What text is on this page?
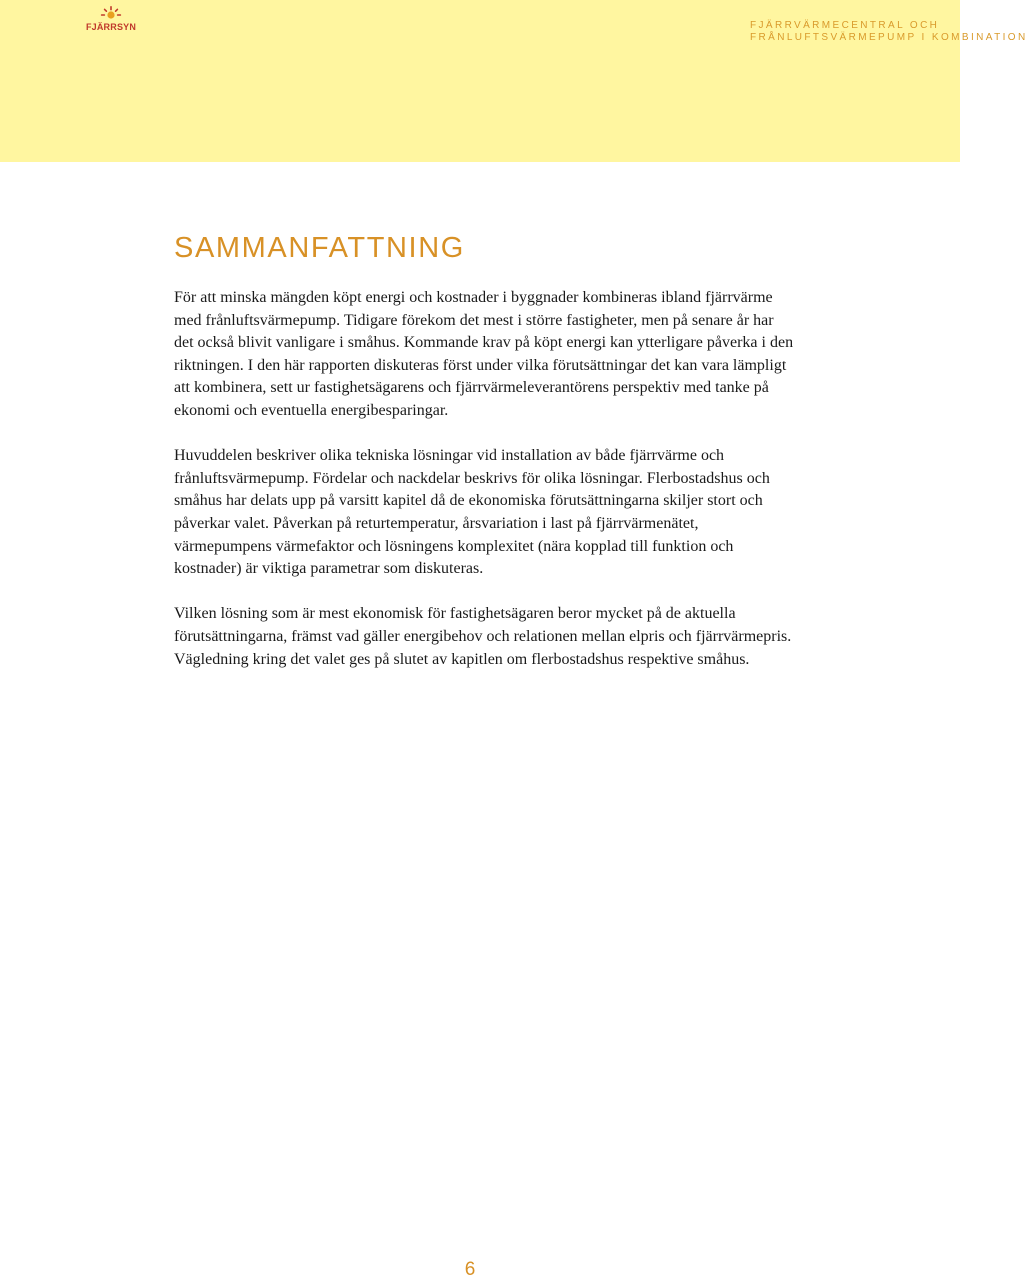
FJÄRRSYN	FJÄRRVÄRMECENTRAL OCH
FRÅNLUFTSVÄRMEPUMP I KOMBINATION
SAMMANFATTNING

För att minska mängden köpt energi och kostnader i byggnader kombineras ibland fjärrvärme med frånluftsvärmepump. Tidigare förekom det mest i större fastigheter, men på senare år har det också blivit vanligare i småhus. Kommande krav på köpt energi kan ytterligare påverka i den riktningen. I den här rapporten diskuteras först under vilka förutsättningar det kan vara lämpligt att kombinera, sett ur fastighetsägarens och fjärrvärmeleverantörens perspektiv med tanke på ekonomi och eventuella energibesparingar.

Huvuddelen beskriver olika tekniska lösningar vid installation av både fjärrvärme och frånluftsvärmepump. Fördelar och nackdelar beskrivs för olika lösningar. Flerbostadshus och småhus har delats upp på varsitt kapitel då de ekonomiska förutsättningarna skiljer stort och påverkar valet. Påverkan på returtemperatur, årsvariation i last på fjärrvärmenätet, värmepumpens värmefaktor och lösningens komplexitet (nära kopplad till funktion och kostnader) är viktiga parametrar som diskuteras.

Vilken lösning som är mest ekonomisk för fastighetsägaren beror mycket på de aktuella förutsättningarna, främst vad gäller energibehov och relationen mellan elpris och fjärrvärmepris. Vägledning kring det valet ges på slutet av kapitlen om flerbostadshus respektive småhus.

6
